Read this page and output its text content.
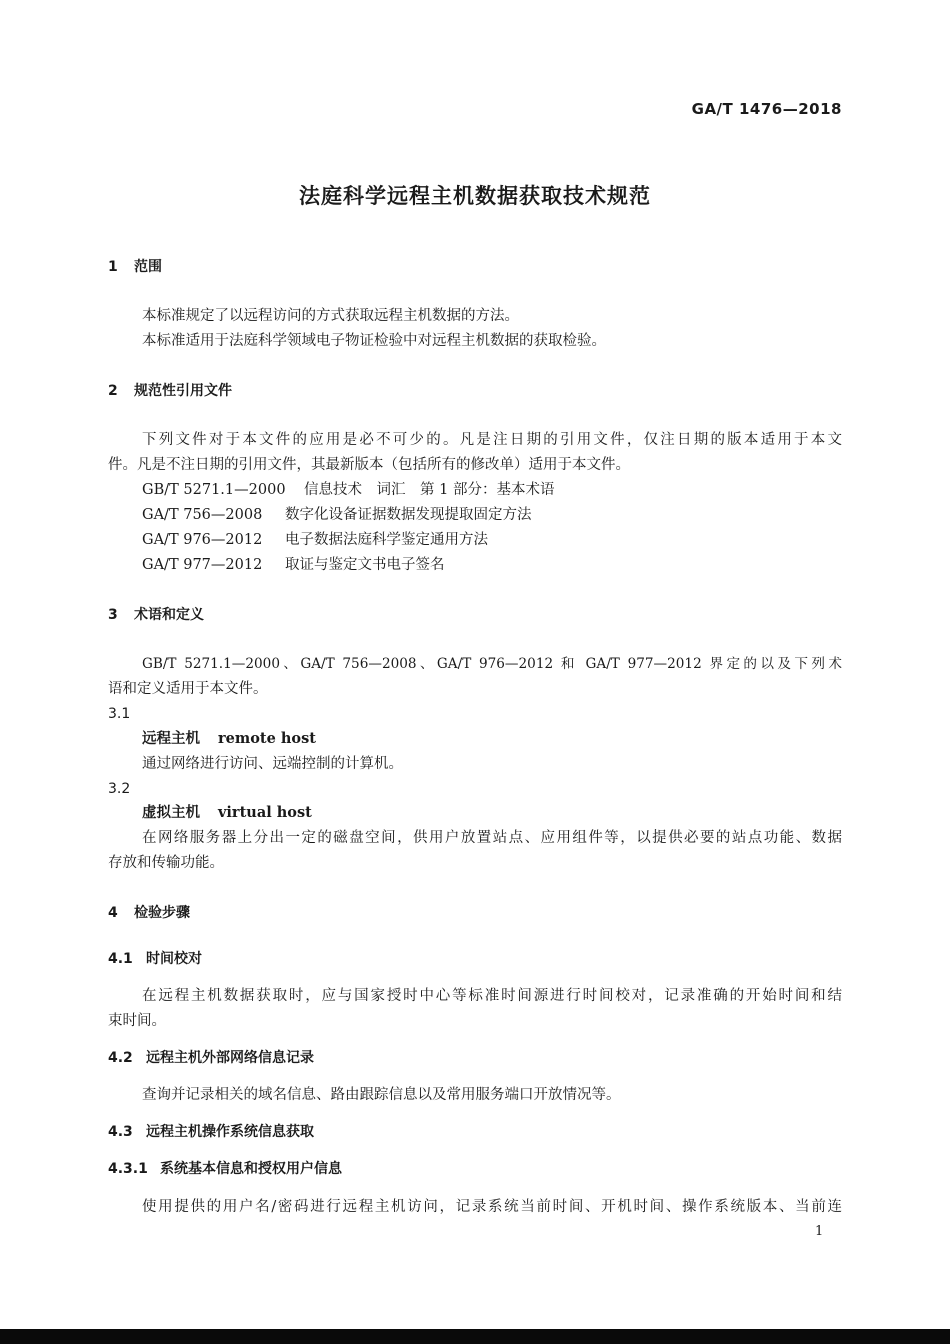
GA/T 1476—2018
法庭科学远程主机数据获取技术规范
1 范围
本标准规定了以远程访问的方式获取远程主机数据的方法。
本标准适用于法庭科学领域电子物证检验中对远程主机数据的获取检验。
2 规范性引用文件
下列文件对于本文件的应用是必不可少的。凡是注日期的引用文件，仅注日期的版本适用于本文
件。凡是不注日期的引用文件，其最新版本（包括所有的修改单）适用于本文件。
GB/T 5271.1—2000 信息技术　词汇　第 1 部分：基本术语
GA/T 756—2008 数字化设备证据数据发现提取固定方法
GA/T 976—2012 电子数据法庭科学鉴定通用方法
GA/T 977—2012 取证与鉴定文书电子签名
3 术语和定义
GB/T 5271.1—2000、GA/T 756—2008、GA/T 976—2012 和 GA/T 977—2012 界定的以及下列术
语和定义适用于本文件。
3.1
远程主机 remote host
通过网络进行访问、远端控制的计算机。
3.2
虚拟主机 virtual host
在网络服务器上分出一定的磁盘空间，供用户放置站点、应用组件等，以提供必要的站点功能、数据
存放和传输功能。
4 检验步骤
4.1 时间校对
在远程主机数据获取时，应与国家授时中心等标准时间源进行时间校对，记录准确的开始时间和结
束时间。
4.2 远程主机外部网络信息记录
查询并记录相关的域名信息、路由跟踪信息以及常用服务端口开放情况等。
4.3 远程主机操作系统信息获取
4.3.1 系统基本信息和授权用户信息
使用提供的用户名/密码进行远程主机访问，记录系统当前时间、开机时间、操作系统版本、当前连
1
